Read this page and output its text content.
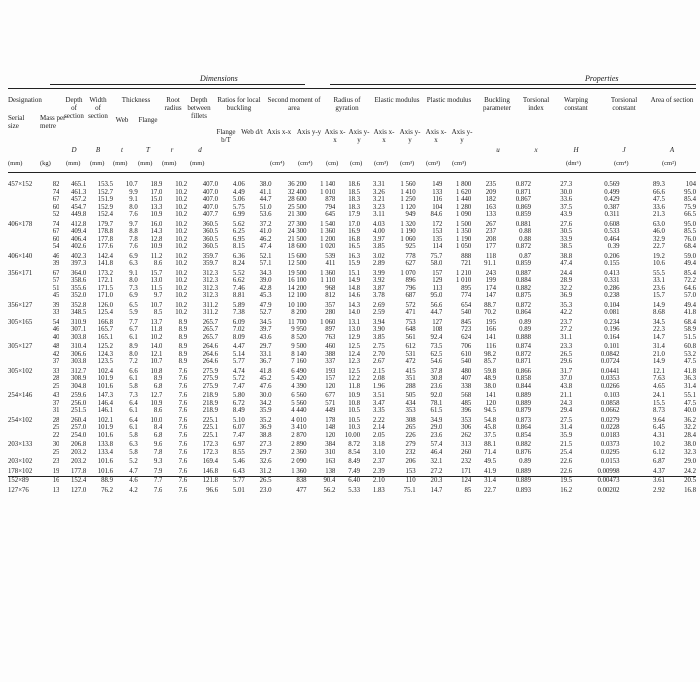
Dimensions	Properties
Designation
Serial size
Mass per metre
Depth of section
Width of section
Thickness
Web	Flange
Root radius
Depth between fillets
Ratios for local buckling
Flange b/T
Web d/t
Second moment of area
Radius of gyration
Elastic modulus	Plastic modulus	Buckling parameter
Torsional index
Warping constant
Torsional constant
Area of section
Axis x-x Axis y-y Axis x-x
Axis y-y
Axis x-x
Axis y-y
Axis x-x
Axis y-y
D	B	t	T	r	d	u	x	H	J	A
(mm)	(kg) (mm) (mm) (mm) (mm) (mm) (mm)	(cm⁴) (cm⁴) (cm) (cm) (cm³) (cm³) (cm³) (cm³)	(dm⁶)	(cm⁴)	(cm²)
457×152	82	465.1	153.5	10.7	18.9	10.2	407.0	4.06	38.0	36 200	1 140	18.6	3.31	1 560	149	1 800	235	0.872	27.3	0.569	89.3	104
	74	461.3	152.7	9.9	17.0	10.2	407.0	4.49	41.1	32 400	1 010	18.5	3.26	1 410	133	1 620	209	0.871	30.0	0.499	66.6	95.0
	67	457.2	151.9	9.1	15.0	10.2	407.0	5.06	44.7	28 600	878	18.3	3.21	1 250	116	1 440	182	0.867	33.6	0.429	47.5	85.4
	60	454.7	152.9	8.0	13.3	10.2	407.0	5.75	51.0	25 500	794	18.3	3.23	1 120	104	1 280	163	0.869	37.5	0.387	33.6	75.9
	52	449.8	152.4	7.6	10.9	10.2	407.7	6.99	53.6	21 300	645	17.9	3.11	949	84.6	1 090	133	0.859	43.9	0.311	21.3	66.5
406×178	74	412.8	179.7	9.7	16.0	10.2	360.5	5.62	37.2	27 300	1 540	17.0	4.03	1 320	172	1 500	267	0.881	27.6	0.608	63.0	95.0
	67	409.4	178.8	8.8	14.3	10.2	360.5	6.25	41.0	24 300	1 360	16.9	4.00	1 190	153	1 350	237	0.88	30.5	0.533	46.0	85.5
	60	406.4	177.8	7.8	12.8	10.2	360.5	6.95	46.2	21 500	1 200	16.8	3.97	1 060	135	1 190	208	0.88	33.9	0.464	32.9	76.0
	54	402.6	177.6	7.6	10.9	10.2	360.5	8.15	47.4	18 600	1 020	16.5	3.85	925	114	1 050	177	0.872	38.5	0.39	22.7	68.4
406×140	46	402.3	142.4	6.9	11.2	10.2	359.7	6.36	52.1	15 600	539	16.3	3.02	778	75.7	888	118	0.87	38.8	0.206	19.2	59.0
	39	397.3	141.8	6.3	8.6	10.2	359.7	8.24	57.1	12 500	411	15.9	2.89	627	58.0	721	91.1	0.859	47.4	0.155	10.6	49.4
356×171	67	364.0	173.2	9.1	15.7	10.2	312.3	5.52	34.3	19 500	1 360	15.1	3.99	1 070	157	1 210	243	0.887	24.4	0.413	55.5	85.4
	57	358.6	172.1	8.0	13.0	10.2	312.3	6.62	39.0	16 100	1 110	14.9	3.92	896	129	1 010	199	0.884	28.9	0.331	33.1	72.2
	51	355.6	171.5	7.3	11.5	10.2	312.3	7.46	42.8	14 200	968	14.8	3.87	796	113	895	174	0.882	32.2	0.286	23.6	64.6
	45	352.0	171.0	6.9	9.7	10.2	312.3	8.81	45.3	12 100	812	14.6	3.78	687	95.0	774	147	0.875	36.9	0.238	15.7	57.0
356×127	39	352.8	126.0	6.5	10.7	10.2	311.2	5.89	47.9	10 100	357	14.3	2.69	572	56.6	654	88.7	0.872	35.3	0.104	14.9	49.4
	33	348.5	125.4	5.9	8.5	10.2	311.2	7.38	52.7	8 200	280	14.0	2.59	471	44.7	540	70.2	0.864	42.2	0.081	8.68	41.8
305×165	54	310.9	166.8	7.7	13.7	8.9	265.7	6.09	34.5	11 700	1 060	13.1	3.94	753	127	845	195	0.89	23.7	0.234	34.5	68.4
	46	307.1	165.7	6.7	11.8	8.9	265.7	7.02	39.7	9 950	897	13.0	3.90	648	108	723	166	0.89	27.2	0.196	22.3	58.9
	40	303.8	165.1	6.1	10.2	8.9	265.7	8.09	43.6	8 520	763	12.9	3.85	561	92.4	624	141	0.888	31.1	0.164	14.7	51.5
305×127	48	310.4	125.2	8.9	14.0	8.9	264.6	4.47	29.7	9 500	460	12.5	2.75	612	73.5	706	116	0.874	23.3	0.101	31.4	60.8
	42	306.6	124.3	8.0	12.1	8.9	264.6	5.14	33.1	8 140	388	12.4	2.70	531	62.5	610	98.2	0.872	26.5	0.0842	21.0	53.2
	37	303.8	123.5	7.2	10.7	8.9	264.6	5.77	36.7	7 160	337	12.3	2.67	472	54.6	540	85.7	0.871	29.6	0.0724	14.9	47.5
305×102	33	312.7	102.4	6.6	10.8	7.6	275.9	4.74	41.8	6 490	193	12.5	2.15	415	37.8	480	59.8	0.866	31.7	0.0441	12.1	41.8
	28	308.9	101.9	6.1	8.9	7.6	275.9	5.72	45.2	5 420	157	12.2	2.08	351	30.8	407	48.9	0.858	37.0	0.0353	7.63	36.3
	25	304.8	101.6	5.8	6.8	7.6	275.9	7.47	47.6	4 390	120	11.8	1.96	288	23.6	338	38.0	0.844	43.8	0.0266	4.65	31.4
254×146	43	259.6	147.3	7.3	12.7	7.6	218.9	5.80	30.0	6 560	677	10.9	3.51	505	92.0	568	141	0.889	21.1	0.103	24.1	55.1
	37	256.0	146.4	6.4	10.9	7.6	218.9	6.72	34.2	5 560	571	10.8	3.47	434	78.1	485	120	0.889	24.3	0.0858	15.5	47.5
	31	251.5	146.1	6.1	8.6	7.6	218.9	8.49	35.9	4 440	449	10.5	3.35	353	61.5	396	94.5	0.879	29.4	0.0662	8.73	40.0
254×102	28	260.4	102.1	6.4	10.0	7.6	225.1	5.10	35.2	4 010	178	10.5	2.22	308	34.9	353	54.8	0.873	27.5	0.0279	9.64	36.2
	25	257.0	101.9	6.1	8.4	7.6	225.1	6.07	36.9	3 410	148	10.3	2.14	265	29.0	306	45.8	0.864	31.4	0.0228	6.45	32.2
	22	254.0	101.6	5.8	6.8	7.6	225.1	7.47	38.8	2 870	120	10.00	2.05	226	23.6	262	37.5	0.854	35.9	0.0183	4.31	28.4
203×133	30	206.8	133.8	6.3	9.6	7.6	172.3	6.97	27.3	2 890	384	8.72	3.18	279	57.4	313	88.1	0.882	21.5	0.0373	10.2	38.0
	25	203.2	133.4	5.8	7.8	7.6	172.3	8.55	29.7	2 360	310	8.54	3.10	232	46.4	260	71.4	0.876	25.4	0.0295	6.12	32.3
203×102	23	203.2	101.6	5.2	9.3	7.6	169.4	5.46	32.6	2 090	163	8.49	2.37	206	32.1	232	49.5	0.89	22.6	0.0153	6.87	29.0
178×102	19	177.8	101.6	4.7	7.9	7.6	146.8	6.43	31.2	1 360	138	7.49	2.39	153	27.2	171	41.9	0.889	22.6	0.00998	4.37	24.2
152×89	16	152.4	88.9	4.6	7.7	7.6	121.8	5.77	26.5	838	90.4	6.40	2.10	110	20.3	124	31.4	0.889	19.5	0.00473	3.61	20.5
127×76	13	127.0	76.2	4.2	7.6	7.6	96.6	5.01	23.0	477	56.2	5.33	1.83	75.1	14.7	85	22.7	0.893	16.2	0.00202	2.92	16.8
